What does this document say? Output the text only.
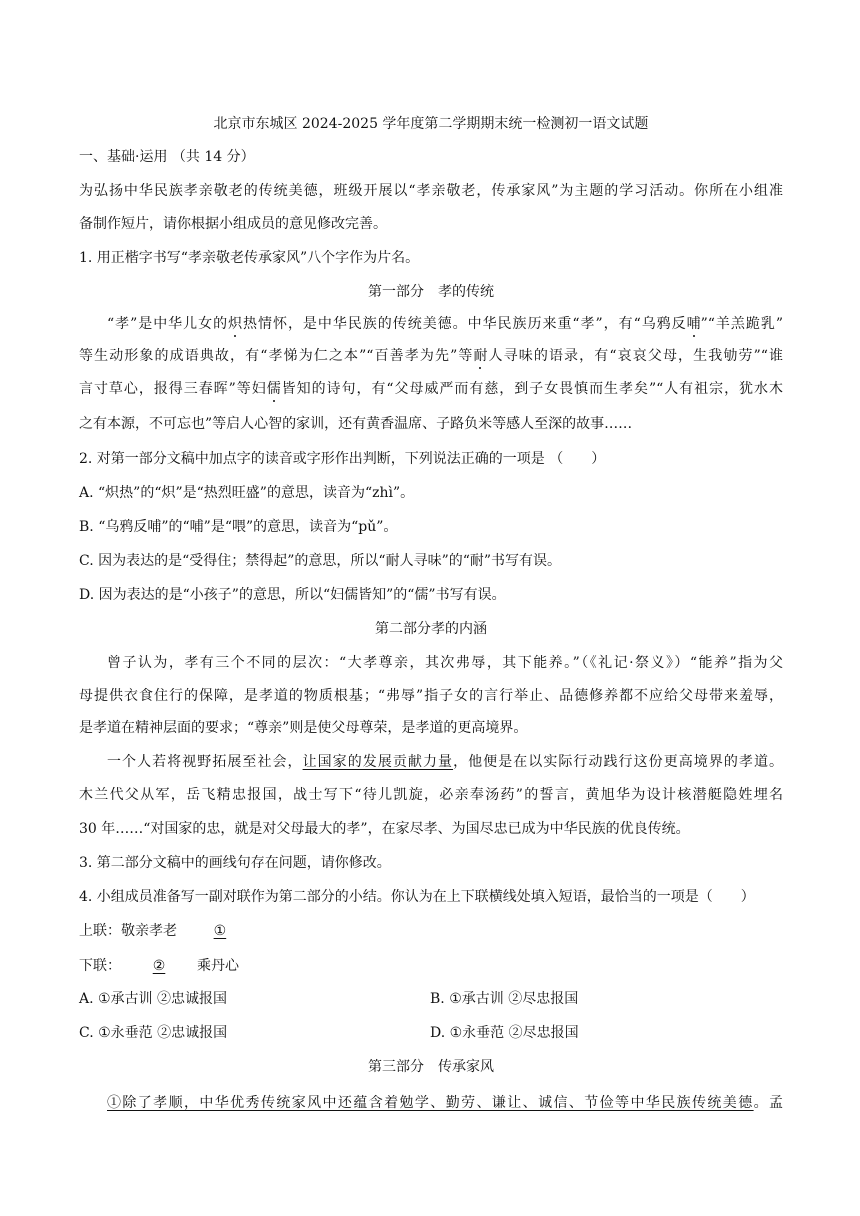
北京市东城区 2024-2025 学年度第二学期期末统一检测初一语文试题
一、基础·运用 （共 14 分）
为弘扬中华民族孝亲敬老的传统美德，班级开展以“孝亲敬老，传承家风”为主题的学习活动。你所在小组准
备制作短片，请你根据小组成员的意见修改完善。
1. 用正楷字书写“孝亲敬老传承家风”八个字作为片名。
第一部分　孝的传统
“孝”是中华儿女的炽热情怀，是中华民族的传统美德。中华民族历来重“孝”，有“乌鸦反哺”“羊羔跪乳”
等生动形象的成语典故，有“孝悌为仁之本”“百善孝为先”等耐人寻味的语录，有“哀哀父母，生我劬劳”“谁
言寸草心，报得三春晖”等妇儒皆知的诗句，有“父母威严而有慈，到子女畏慎而生孝矣”“人有祖宗，犹水木
之有本源，不可忘也”等启人心智的家训，还有黄香温席、子路负米等感人至深的故事……
2. 对第一部分文稿中加点字的读音或字形作出判断，下列说法正确的一项是 （　　）
A. “炽热”的“炽”是“热烈旺盛”的意思，读音为“zhì”。
B. “乌鸦反哺”的“哺”是“喂”的意思，读音为“pǔ”。
C. 因为表达的是“受得住；禁得起”的意思，所以“耐人寻味”的“耐”书写有误。
D. 因为表达的是“小孩子”的意思，所以“妇儒皆知”的“儒”书写有误。
第二部分孝的内涵
曾子认为，孝有三个不同的层次：“大孝尊亲，其次弗辱，其下能养。”（《礼记·祭义》）“能养”指为父
母提供衣食住行的保障，是孝道的物质根基；“弗辱”指子女的言行举止、品德修养都不应给父母带来羞辱，
是孝道在精神层面的要求；“尊亲”则是使父母尊荣，是孝道的更高境界。
一个人若将视野拓展至社会，让国家的发展贡献力量，他便是在以实际行动践行这份更高境界的孝道。
木兰代父从军，岳飞精忠报国，战士写下“待儿凯旋，必亲奉汤药”的誓言，黄旭华为设计核潜艇隐姓埋名
30 年……“对国家的忠，就是对父母最大的孝”，在家尽孝、为国尽忠已成为中华民族的优良传统。
3. 第二部分文稿中的画线句存在问题，请你修改。
4. 小组成员准备写一副对联作为第二部分的小结。你认为在上下联横线处填入短语，最恰当的一项是（　　）
上联：敬亲孝老	①
下联： ② 乘丹心
A. ①承古训 ②忠诚报国	B. ①承古训 ②尽忠报国
C. ①永垂范 ②忠诚报国	D. ①永垂范 ②尽忠报国
第三部分　传承家风
①除了孝顺，中华优秀传统家风中还蕴含着勉学、勤劳、谦让、诚信、节俭等中华民族传统美德。孟
